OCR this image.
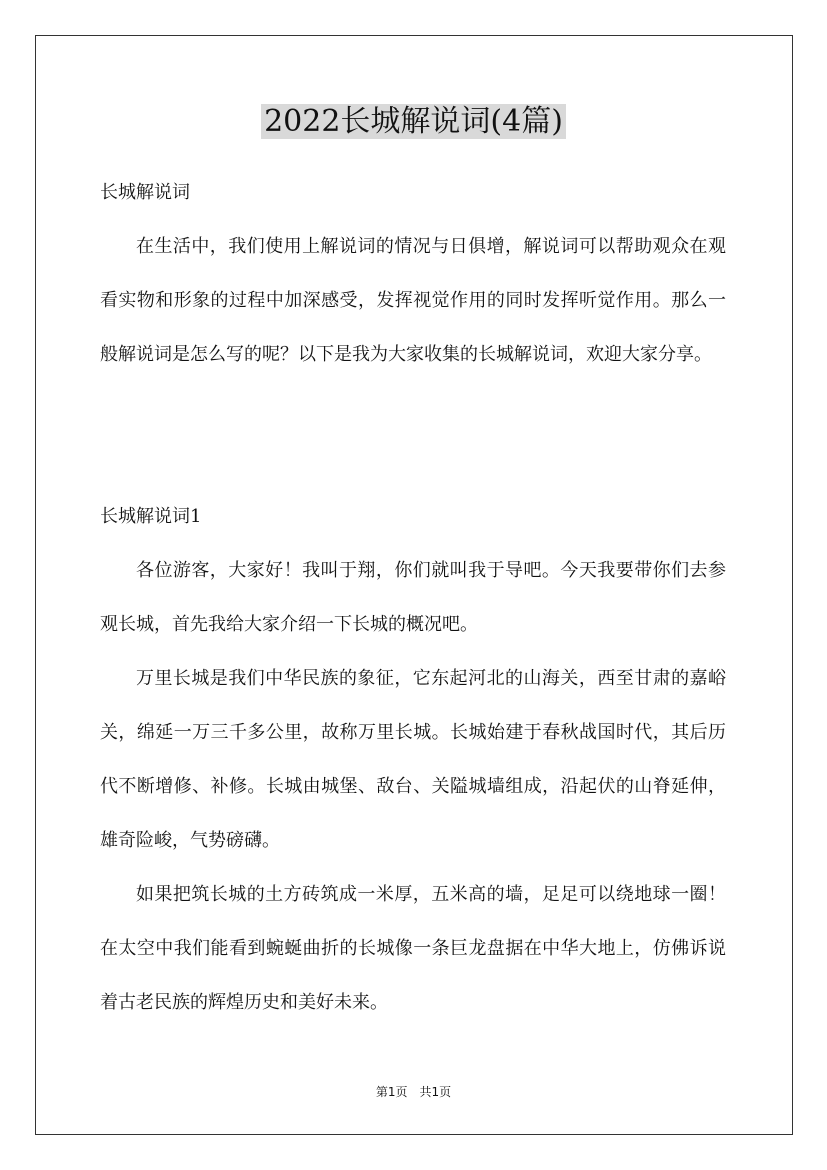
2022长城解说词(4篇)

长城解说词

在生活中，我们使用上解说词的情况与日俱增，解说词可以帮助观众在观看实物和形象的过程中加深感受，发挥视觉作用的同时发挥听觉作用。那么一般解说词是怎么写的呢？以下是我为大家收集的长城解说词，欢迎大家分享。

长城解说词1

各位游客，大家好！我叫于翔，你们就叫我于导吧。今天我要带你们去参观长城，首先我给大家介绍一下长城的概况吧。

万里长城是我们中华民族的象征，它东起河北的山海关，西至甘肃的嘉峪关，绵延一万三千多公里，故称万里长城。长城始建于春秋战国时代，其后历代不断增修、补修。长城由城堡、敌台、关隘城墙组成，沿起伏的山脊延伸，雄奇险峻，气势磅礴。

如果把筑长城的土方砖筑成一米厚，五米高的墙，足足可以绕地球一圈！在太空中我们能看到蜿蜒曲折的长城像一条巨龙盘据在中华大地上，仿佛诉说着古老民族的辉煌历史和美好未来。

第1页 共1页
